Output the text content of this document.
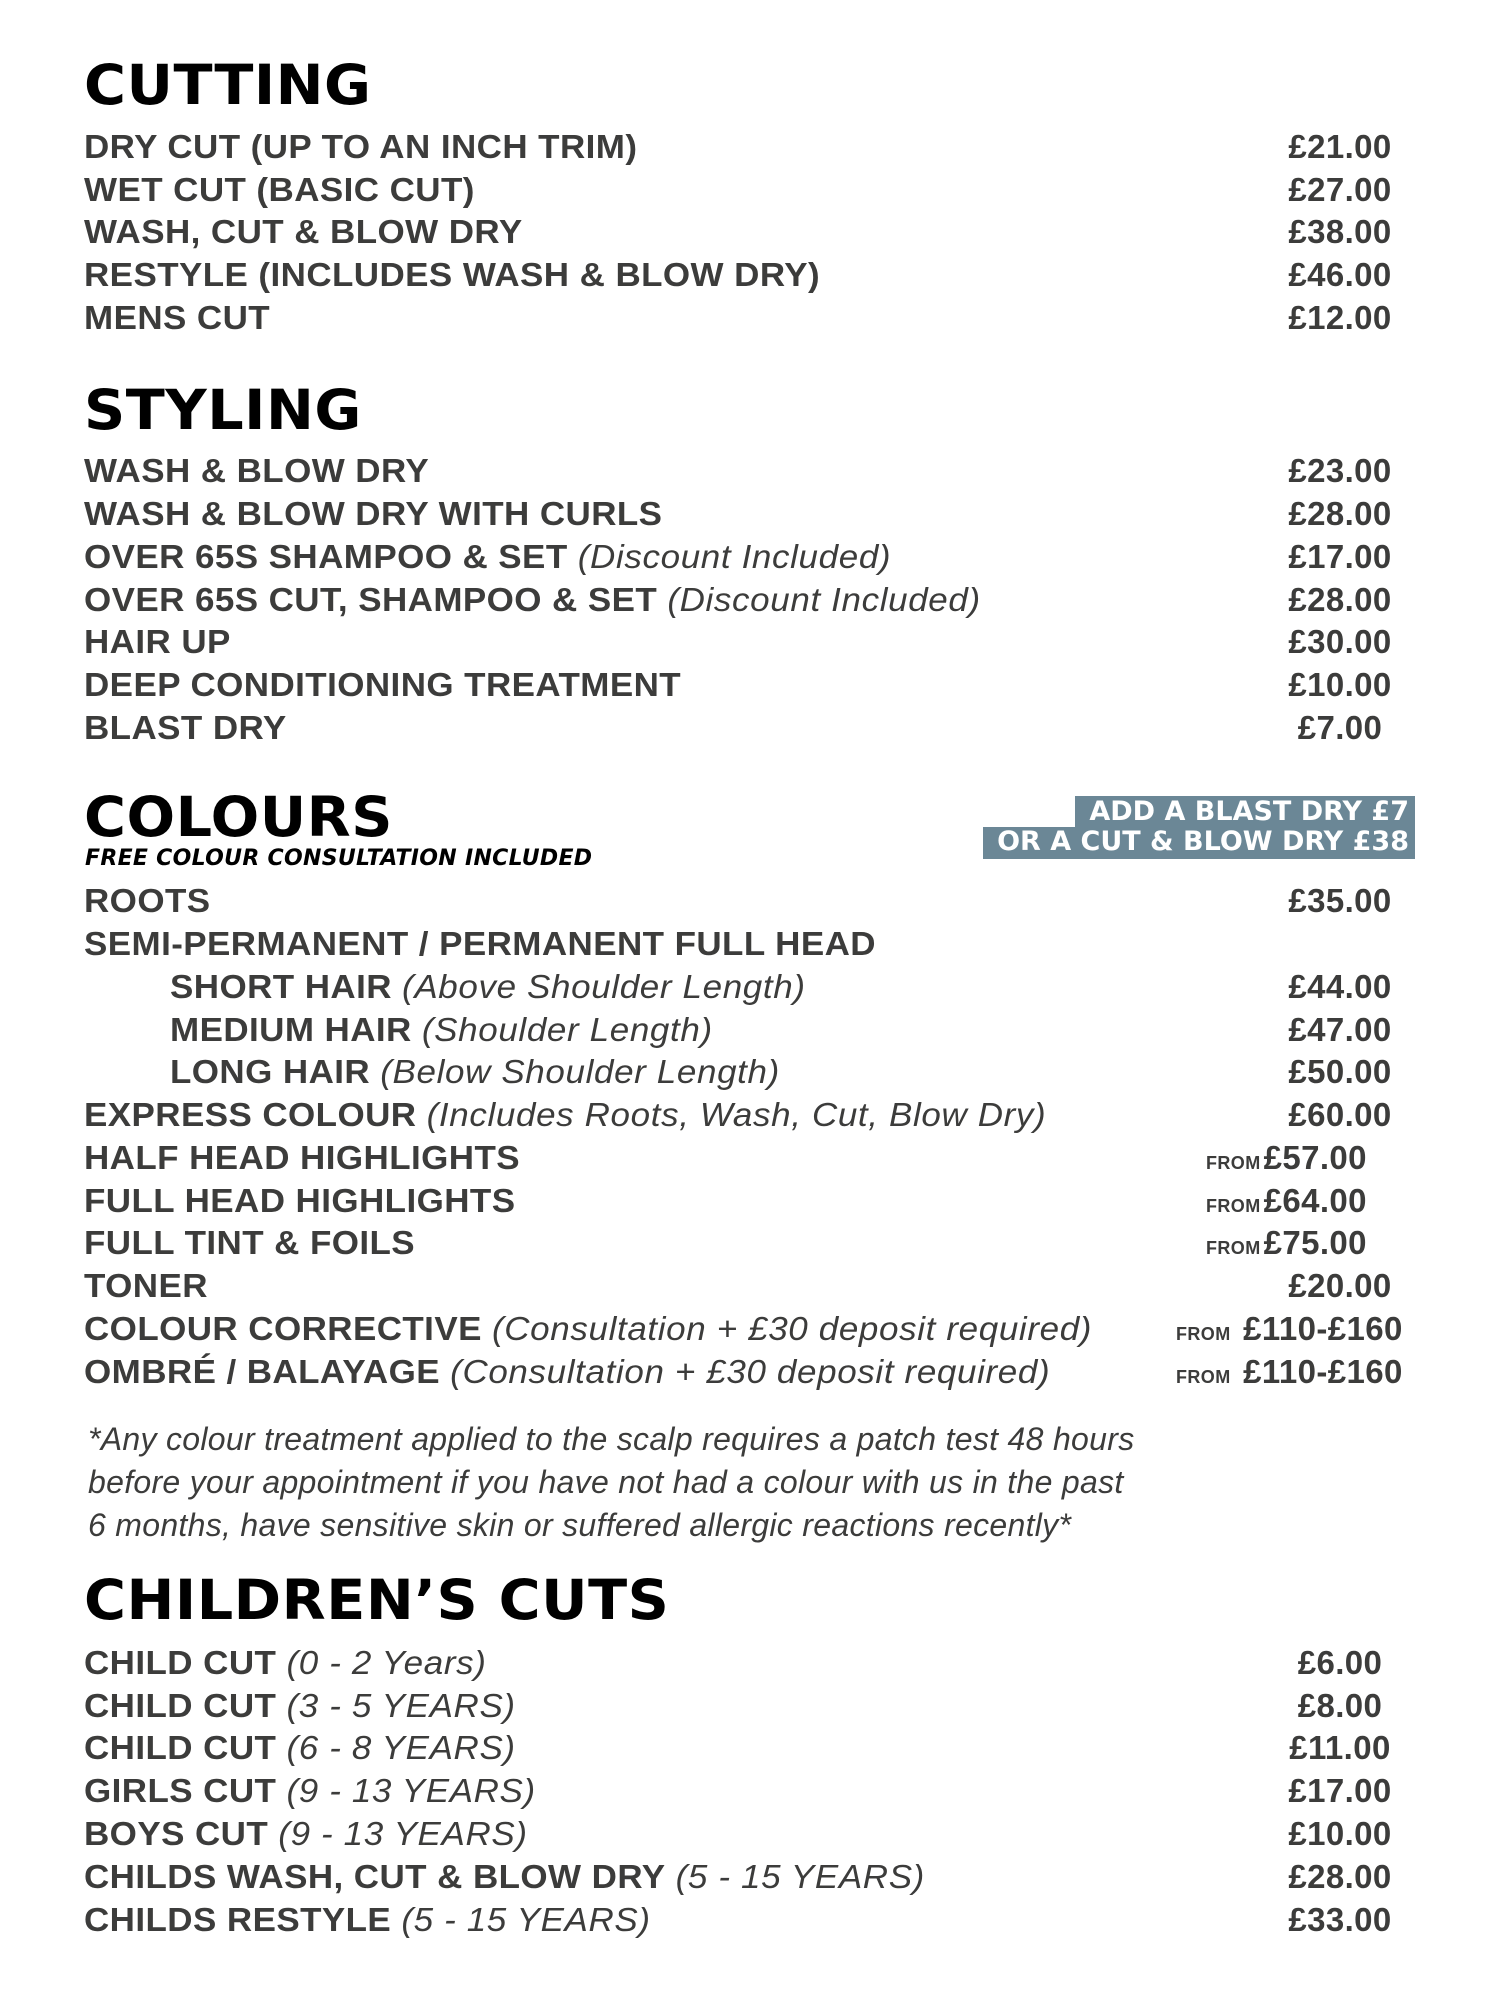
CUTTING
DRY CUT (UP TO AN INCH TRIM)	£21.00
WET CUT (BASIC CUT)	£27.00
WASH, CUT & BLOW DRY	£38.00
RESTYLE (INCLUDES WASH & BLOW DRY)	£46.00
MENS CUT	£12.00
STYLING
WASH & BLOW DRY	£23.00
WASH & BLOW DRY WITH CURLS	£28.00
OVER 65S SHAMPOO & SET (Discount Included)	£17.00
OVER 65S CUT, SHAMPOO & SET (Discount Included)	£28.00
HAIR UP	£30.00
DEEP CONDITIONING TREATMENT	£10.00
BLAST DRY	£7.00
COLOURS
FREE COLOUR CONSULTATION INCLUDED
ADD A BLAST DRY £7
OR A CUT & BLOW DRY £38
ROOTS	£35.00
SEMI-PERMANENT / PERMANENT FULL HEAD
SHORT HAIR (Above Shoulder Length)	£44.00
MEDIUM HAIR (Shoulder Length)	£47.00
LONG HAIR (Below Shoulder Length)	£50.00
EXPRESS COLOUR (Includes Roots, Wash, Cut, Blow Dry)	£60.00
HALF HEAD HIGHLIGHTS	FROM£57.00
FULL HEAD HIGHLIGHTS	FROM£64.00
FULL TINT & FOILS	FROM£75.00
TONER	£20.00
COLOUR CORRECTIVE (Consultation + £30 deposit required)	FROM £110-£160
OMBRÉ / BALAYAGE (Consultation + £30 deposit required)	FROM £110-£160
*Any colour treatment applied to the scalp requires a patch test 48 hours
before your appointment if you have not had a colour with us in the past
6 months, have sensitive skin or suffered allergic reactions recently*
CHILDREN’S CUTS
CHILD CUT (0 - 2 Years)	£6.00
CHILD CUT (3 - 5 YEARS)	£8.00
CHILD CUT (6 - 8 YEARS)	£11.00
GIRLS CUT (9 - 13 YEARS)	£17.00
BOYS CUT (9 - 13 YEARS)	£10.00
CHILDS WASH, CUT & BLOW DRY (5 - 15 YEARS)	£28.00
CHILDS RESTYLE (5 - 15 YEARS)	£33.00
